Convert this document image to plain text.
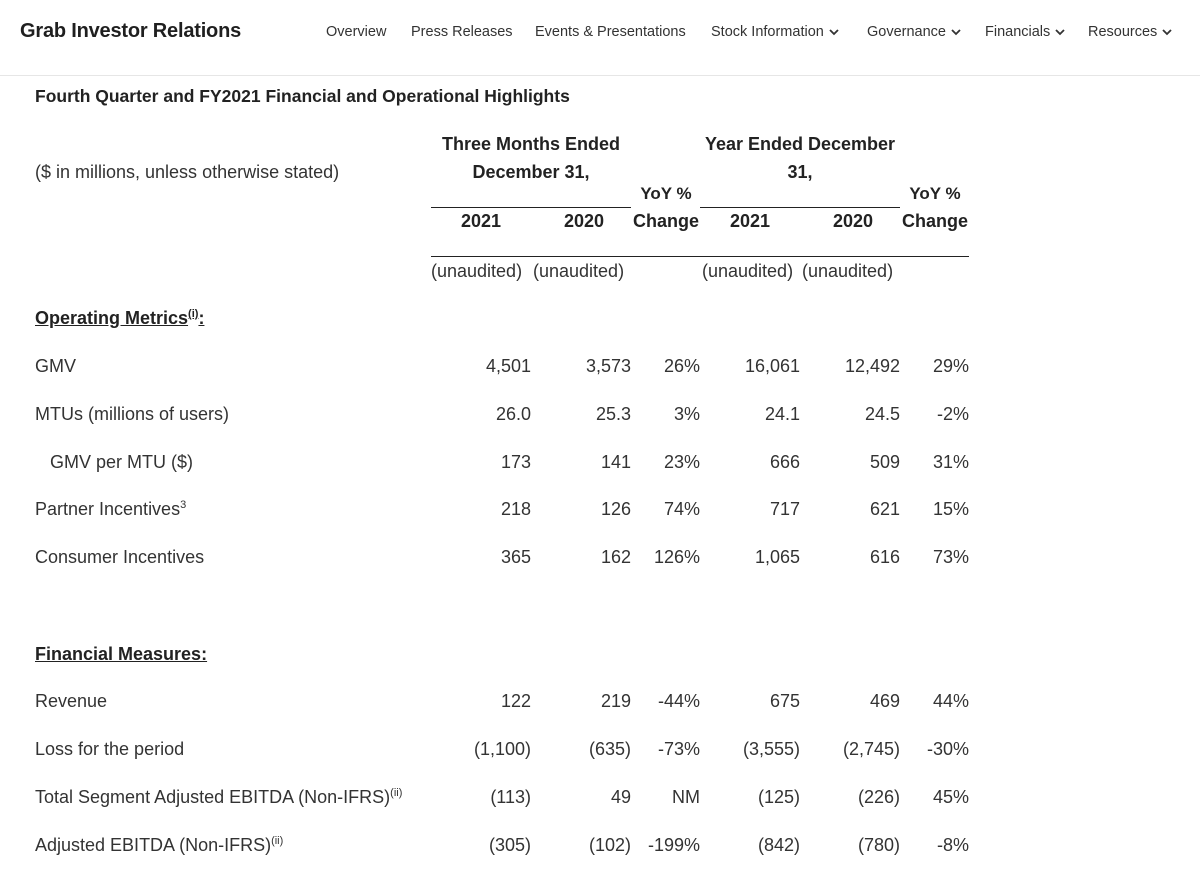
Grab Investor Relations	Overview Press Releases Events & Presentations Stock Information	Governance	Financials	Resources
Fourth Quarter and FY2021 Financial and Operational Highlights
($ in millions, unless otherwise stated)
Three Months Ended
December 31,
Year Ended December
31,
YoY %	YoY %
2021	2020	Change	2021	2020	Change
(unaudited) (unaudited)	(unaudited) (unaudited)
Operating Metrics$^{(i)}$:
GMV	4,501	3,573	26%	16,061	12,492	29%
MTUs (millions of users)	26.0	25.3	3%	24.1	24.5	-2%
GMV per MTU ($)	173	141	23%	666	509	31%
Partner Incentives$^3$	218	126	74%	717	621	15%
Consumer Incentives	365	162	126%	1,065	616	73%
Financial Measures:
Revenue	122	219	-44%	675	469	44%
Loss for the period	(1,100)	(635)	-73%	(3,555)	(2,745)	-30%
Total Segment Adjusted EBITDA (Non-IFRS)$^{(ii)}$	(113)	49	NM	(125)	(226)	45%
Adjusted EBITDA (Non-IFRS)$^{(ii)}$	(305)	(102) -199%	(842)	(780)	-8%
